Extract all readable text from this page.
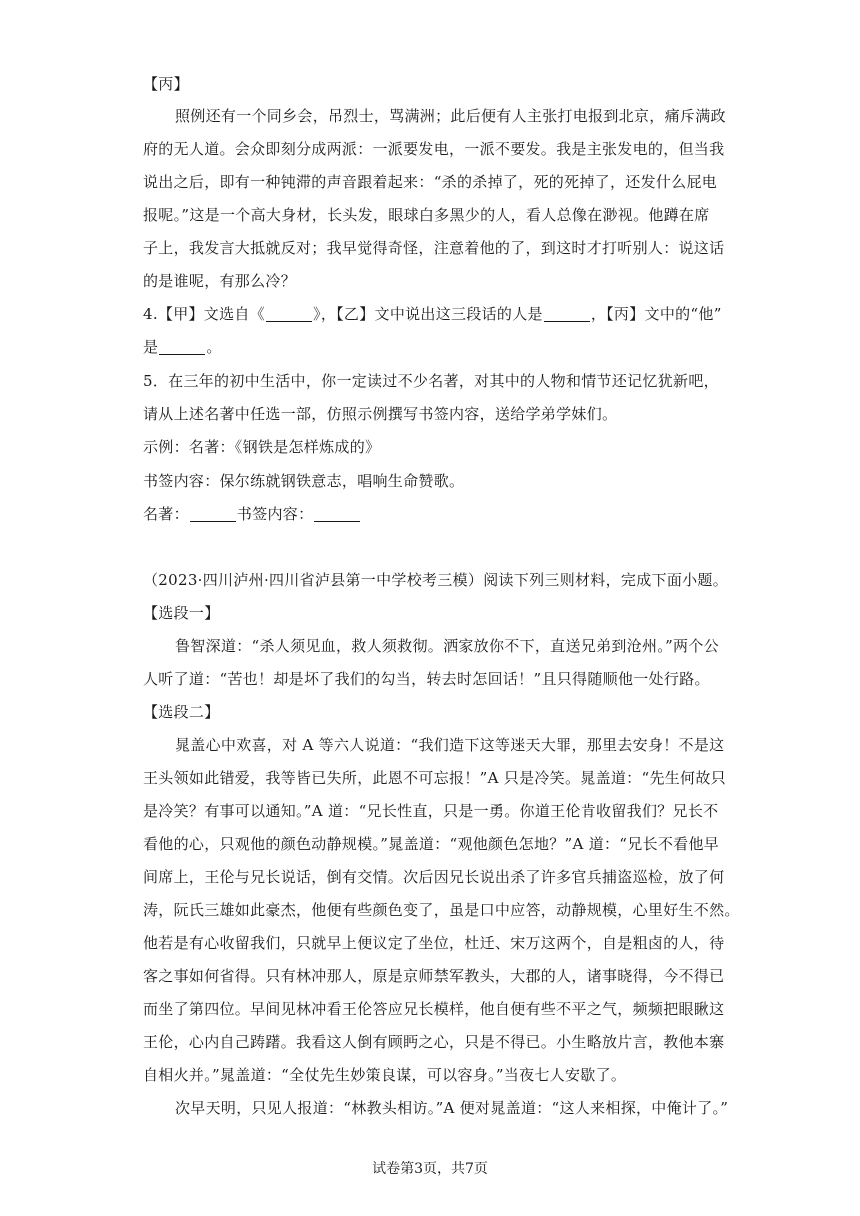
【丙】
照例还有一个同乡会，吊烈士，骂满洲；此后便有人主张打电报到北京，痛斥满政
府的无人道。会众即刻分成两派：一派要发电，一派不要发。我是主张发电的，但当我
说出之后，即有一种钝滞的声音跟着起来：“杀的杀掉了，死的死掉了，还发什么屁电
报呢。”这是一个高大身材，长头发，眼球白多黑少的人，看人总像在渺视。他蹲在席
子上，我发言大抵就反对；我早觉得奇怪，注意着他的了，到这时才打听别人：说这话
的是谁呢，有那么冷？
4.【甲】文选自《	》，【乙】文中说出这三段话的人是	，【丙】文中的“他”
是	。
5．在三年的初中生活中，你一定读过不少名著，对其中的人物和情节还记忆犹新吧，
请从上述名著中任选一部，仿照示例撰写书签内容，送给学弟学妹们。
示例：名著：《钢铁是怎样炼成的》
书签内容：保尔练就钢铁意志，唱响生命赞歌。
名著：	书签内容：
（2023·四川泸州·四川省泸县第一中学校考三模）阅读下列三则材料，完成下面小题。
【选段一】
鲁智深道：“杀人须见血，救人须救彻。洒家放你不下，直送兄弟到沧州。”两个公
人听了道：“苦也！却是坏了我们的勾当，转去时怎回话！”且只得随顺他一处行路。
【选段二】
晁盖心中欢喜，对 A 等六人说道：“我们造下这等迷天大罪，那里去安身！不是这
王头领如此错爱，我等皆已失所，此恩不可忘报！”A 只是冷笑。晁盖道：“先生何故只
是冷笑？有事可以通知。”A 道：“兄长性直，只是一勇。你道王伦肯收留我们？兄长不
看他的心，只观他的颜色动静规模。”晁盖道：“观他颜色怎地？”A 道：“兄长不看他早
间席上，王伦与兄长说话，倒有交情。次后因兄长说出杀了许多官兵捕盗巡检，放了何
涛，阮氏三雄如此豪杰，他便有些颜色变了，虽是口中应答，动静规模，心里好生不然。
他若是有心收留我们，只就早上便议定了坐位，杜迁、宋万这两个，自是粗卤的人，待
客之事如何省得。只有林冲那人，原是京师禁军教头，大郡的人，诸事晓得，今不得已
而坐了第四位。早间见林冲看王伦答应兄长模样，他自便有些不平之气，频频把眼瞅这
王伦，心内自己踌躇。我看这人倒有顾眄之心，只是不得已。小生略放片言，教他本寨
自相火并。”晁盖道：“全仗先生妙策良谋，可以容身。”当夜七人安歇了。
次早天明，只见人报道：“林教头相访。”A 便对晁盖道：“这人来相探，中俺计了。”
试卷第3页，共7页
